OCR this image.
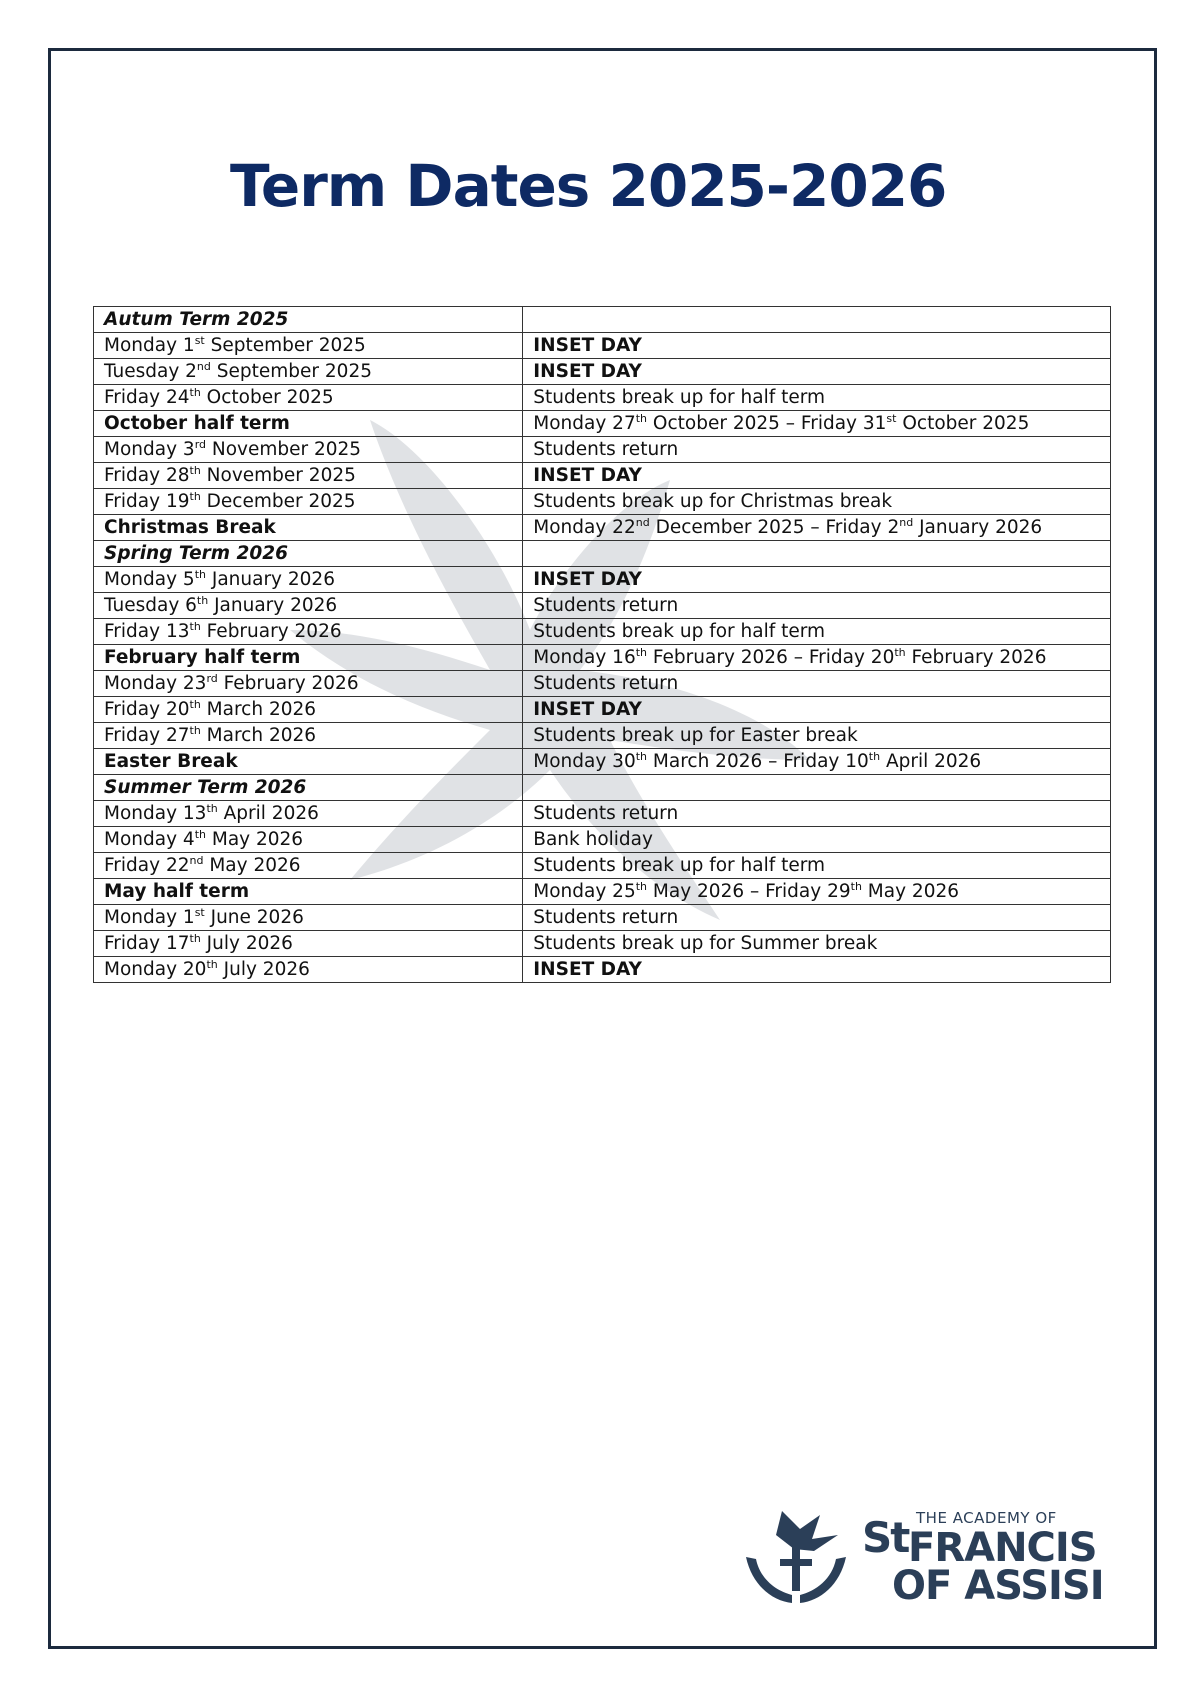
Term Dates 2025-2026
Autum Term 2025	
Monday 1st September 2025	INSET DAY
Tuesday 2nd September 2025	INSET DAY
Friday 24th October 2025	Students break up for half term
October half term	Monday 27th October 2025 – Friday 31st October 2025
Monday 3rd November 2025	Students return
Friday 28th November 2025	INSET DAY
Friday 19th December 2025	Students break up for Christmas break
Christmas Break	Monday 22nd December 2025 – Friday 2nd January 2026
Spring Term 2026	
Monday 5th January 2026	INSET DAY
Tuesday 6th January 2026	Students return
Friday 13th February 2026	Students break up for half term
February half term	Monday 16th February 2026 – Friday 20th February 2026
Monday 23rd February 2026	Students return
Friday 20th March 2026	INSET DAY
Friday 27th March 2026	Students break up for Easter break
Easter Break	Monday 30th March 2026 – Friday 10th April 2026
Summer Term 2026	
Monday 13th April 2026	Students return
Monday 4th May 2026	Bank holiday
Friday 22nd May 2026	Students break up for half term
May half term	Monday 25th May 2026 – Friday 29th May 2026
Monday 1st June 2026	Students return
Friday 17th July 2026	Students break up for Summer break
Monday 20th July 2026	INSET DAY
THE ACADEMY OF
St FRANCIS
OF ASSISI
